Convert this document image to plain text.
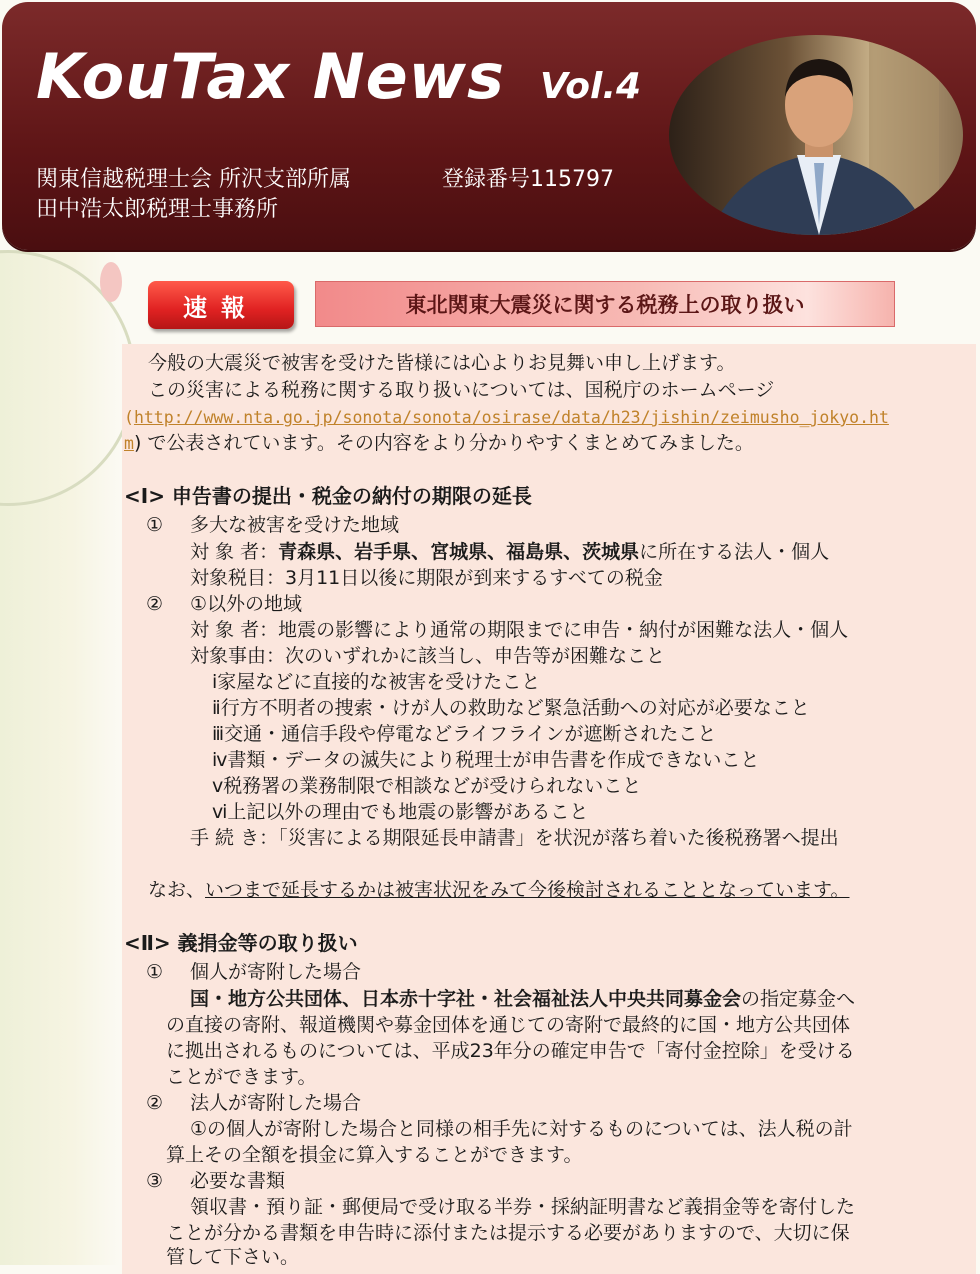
KouTax News Vol.4
関東信越税理士会 所沢支部所属	登録番号115797
田中浩太郎税理士事務所
速報	東北関東大震災に関する税務上の取り扱い
今般の大震災で被害を受けた皆様には心よりお見舞い申し上げます。
この災害による税務に関する取り扱いについては、国税庁のホームページ
(http://www.nta.go.jp/sonota/sonota/osirase/data/h23/jishin/zeimusho_jokyo.ht
m) で公表されています。その内容をより分かりやすくまとめてみました。
<Ⅰ> 申告書の提出・税金の納付の期限の延長
① 多大な被害を受けた地域
対 象 者：青森県、岩手県、宮城県、福島県、茨城県に所在する法人・個人
対象税目：3月11日以後に期限が到来するすべての税金
② ①以外の地域
対 象 者：地震の影響により通常の期限までに申告・納付が困難な法人・個人
対象事由：次のいずれかに該当し、申告等が困難なこと
ⅰ家屋などに直接的な被害を受けたこと
ⅱ行方不明者の捜索・けが人の救助など緊急活動への対応が必要なこと
ⅲ交通・通信手段や停電などライフラインが遮断されたこと
ⅳ書類・データの滅失により税理士が申告書を作成できないこと
ⅴ税務署の業務制限で相談などが受けられないこと
ⅵ上記以外の理由でも地震の影響があること
手 続 き：「災害による期限延長申請書」を状況が落ち着いた後税務署へ提出
なお、いつまで延長するかは被害状況をみて今後検討されることとなっています。
<Ⅱ> 義捐金等の取り扱い
① 個人が寄附した場合
国・地方公共団体、日本赤十字社・社会福祉法人中央共同募金会の指定募金へ
の直接の寄附、報道機関や募金団体を通じての寄附で最終的に国・地方公共団体
に拠出されるものについては、平成23年分の確定申告で「寄付金控除」を受ける
ことができます。
② 法人が寄附した場合
①の個人が寄附した場合と同様の相手先に対するものについては、法人税の計
算上その全額を損金に算入することができます。
③ 必要な書類
領収書・預り証・郵便局で受け取る半券・採納証明書など義捐金等を寄付した
ことが分かる書類を申告時に添付または提示する必要がありますので、大切に保
管して下さい。
